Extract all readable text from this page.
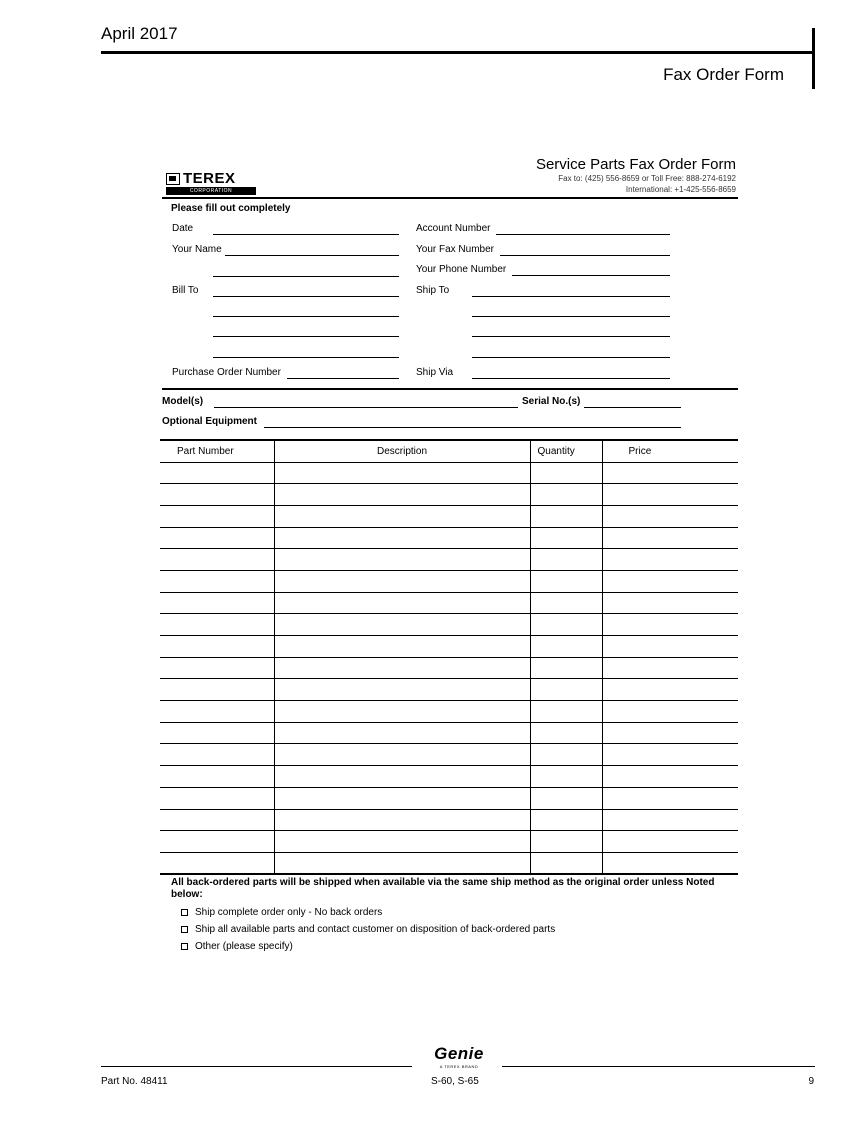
April 2017
Fax Order Form
TEREX
CORPORATION
Service Parts Fax Order Form
Fax to: (425) 556-8659 or Toll Free: 888-274-6192
International: +1-425-556-8659
Please fill out completely
Date
Your Name
Bill To
Purchase Order Number
Account Number
Your Fax Number
Your Phone Number
Ship To
Ship Via
Model(s)	Serial No.(s)
Optional Equipment
Part Number	Description	Quantity	Price

All back-ordered parts will be shipped when available via the same ship method as the original order unless Noted below:
Ship complete order only - No back orders
Ship all available parts and contact customer on disposition of back-ordered parts
Other (please specify)
Genie
A TEREX BRAND
Part No. 48411	S-60, S-65	9
